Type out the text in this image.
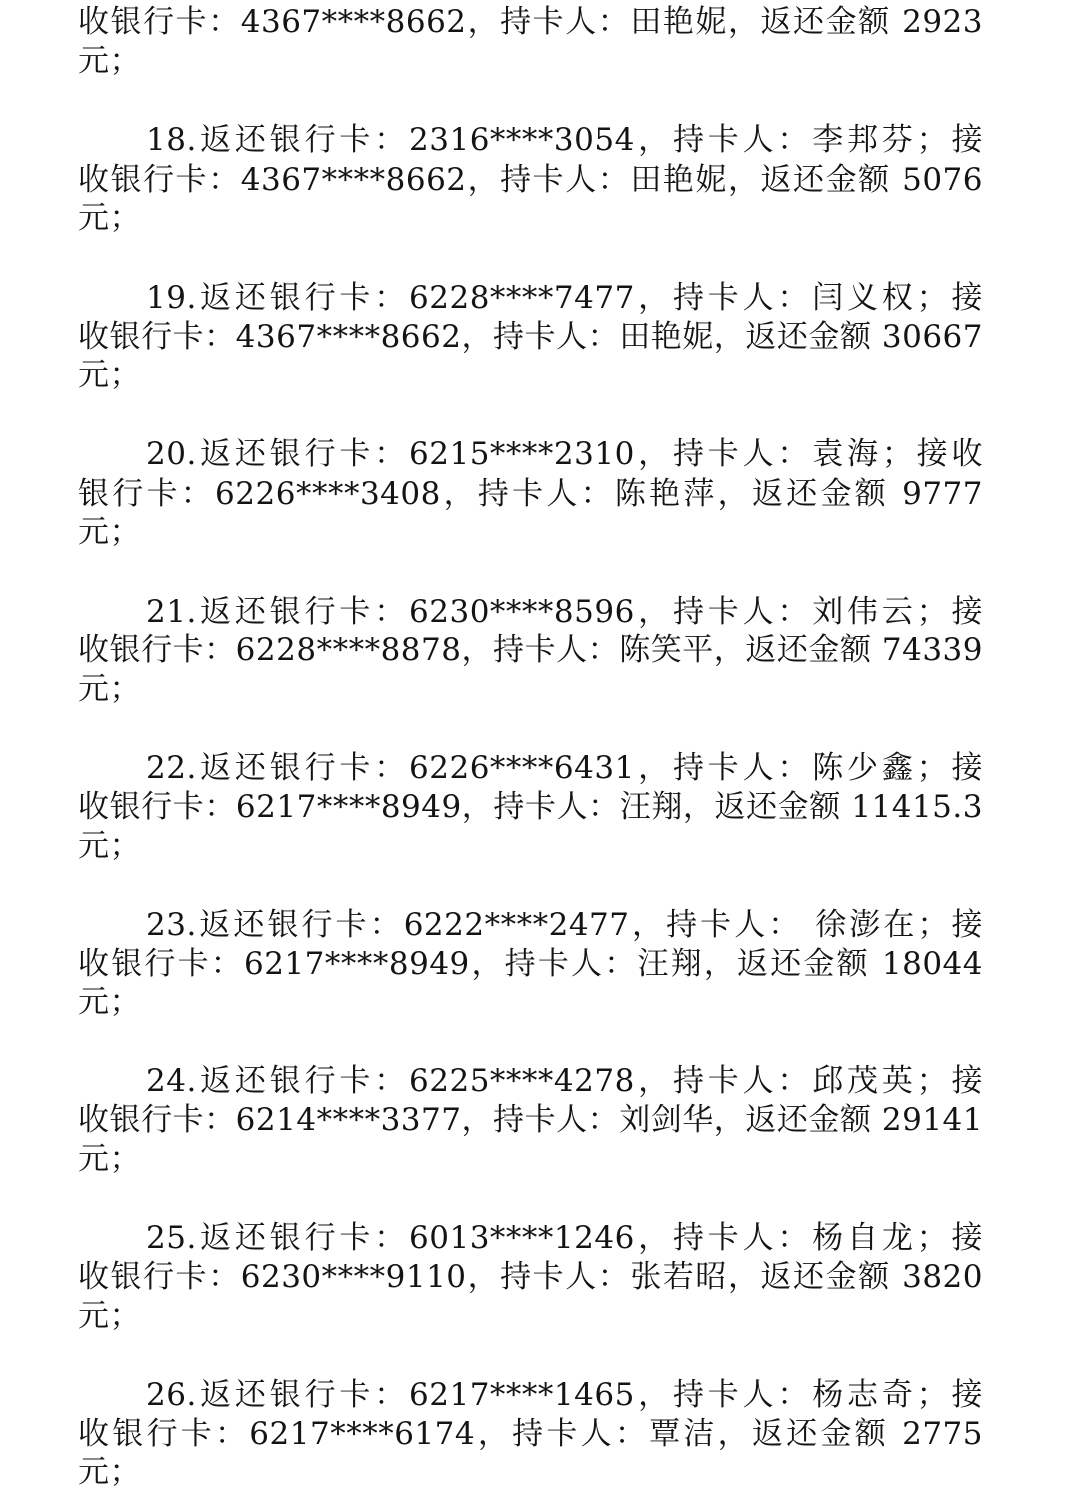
收银行卡：4367****8662，持卡人：田艳妮，返还金额 2923
元；
18.返还银行卡：2316****3054，持卡人：李邦芬；接
收银行卡：4367****8662，持卡人：田艳妮，返还金额 5076
元；
19.返还银行卡：6228****7477，持卡人：闫义权；接
收银行卡：4367****8662，持卡人：田艳妮，返还金额 30667
元；
20.返还银行卡：6215****2310，持卡人：袁海；接收
银行卡：6226****3408，持卡人：陈艳萍，返还金额 9777
元；
21.返还银行卡：6230****8596，持卡人：刘伟云；接
收银行卡：6228****8878，持卡人：陈笑平，返还金额 74339
元；
22.返还银行卡：6226****6431，持卡人：陈少鑫；接
收银行卡：6217****8949，持卡人：汪翔，返还金额 11415.3
元；
23.返还银行卡：6222****2477，持卡人： 徐澎在；接
收银行卡：6217****8949，持卡人：汪翔，返还金额 18044
元；
24.返还银行卡：6225****4278，持卡人：邱茂英；接
收银行卡：6214****3377，持卡人：刘剑华，返还金额 29141
元；
25.返还银行卡：6013****1246，持卡人：杨自龙；接
收银行卡：6230****9110，持卡人：张若昭，返还金额 3820
元；
26.返还银行卡：6217****1465，持卡人：杨志奇；接
收银行卡：6217****6174，持卡人：覃洁，返还金额 2775
元；
